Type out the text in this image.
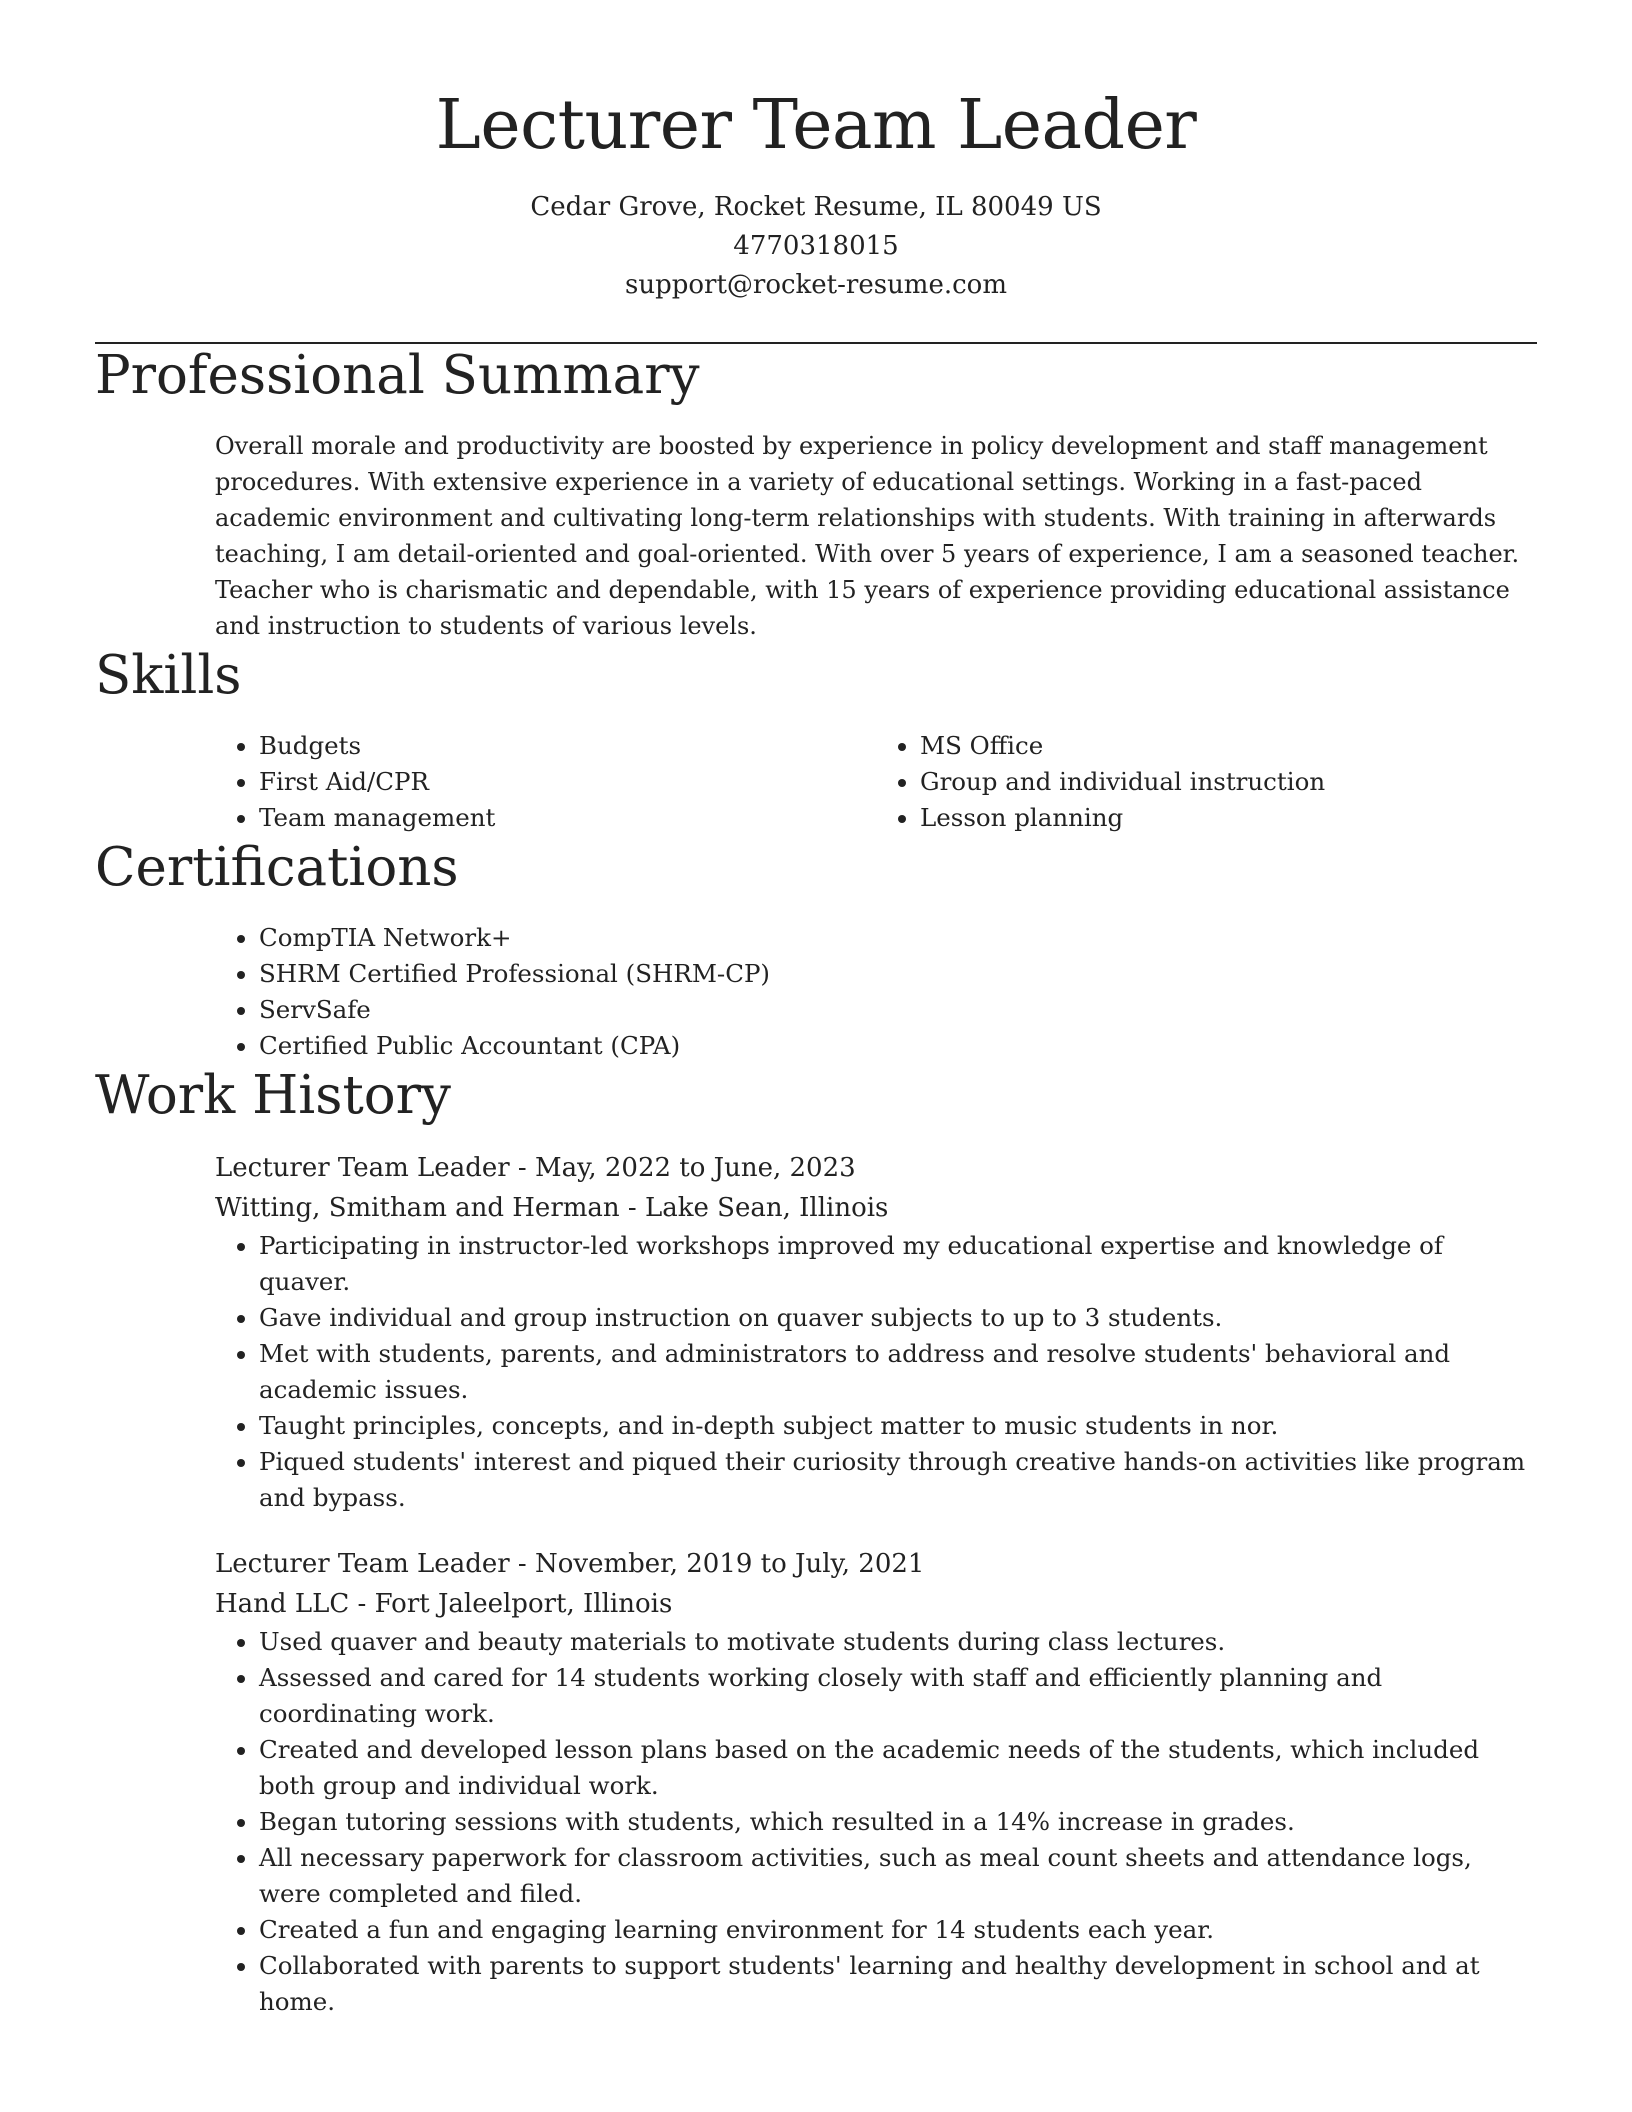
Lecturer Team Leader
Cedar Grove, Rocket Resume, IL 80049 US
4770318015
support@rocket-resume.com
Professional Summary

Overall morale and productivity are boosted by experience in policy development and staff management procedures. With extensive experience in a variety of educational settings. Working in a fast-paced academic environment and cultivating long-term relationships with students. With training in afterwards teaching, I am detail-oriented and goal-oriented. With over 5 years of experience, I am a seasoned teacher. Teacher who is charismatic and dependable, with 15 years of experience providing educational assistance and instruction to students of various levels.

Skills
• Budgets
• First Aid/CPR
• Team management
• MS Office
• Group and individual instruction
• Lesson planning
Certifications
• CompTIA Network+
• SHRM Certified Professional (SHRM-CP)
• ServSafe
• Certified Public Accountant (CPA)
Work History
Lecturer Team Leader - May, 2022 to June, 2023
Witting, Smitham and Herman - Lake Sean, Illinois
• Participating in instructor-led workshops improved my educational expertise and knowledge of quaver.
• Gave individual and group instruction on quaver subjects to up to 3 students.
• Met with students, parents, and administrators to address and resolve students' behavioral and academic issues.
• Taught principles, concepts, and in-depth subject matter to music students in nor.
• Piqued students' interest and piqued their curiosity through creative hands-on activities like program and bypass.
Lecturer Team Leader - November, 2019 to July, 2021
Hand LLC - Fort Jaleelport, Illinois
• Used quaver and beauty materials to motivate students during class lectures.
• Assessed and cared for 14 students working closely with staff and efficiently planning and coordinating work.
• Created and developed lesson plans based on the academic needs of the students, which included both group and individual work.
• Began tutoring sessions with students, which resulted in a 14% increase in grades.
• All necessary paperwork for classroom activities, such as meal count sheets and attendance logs, were completed and filed.
• Created a fun and engaging learning environment for 14 students each year.
• Collaborated with parents to support students' learning and healthy development in school and at home.
